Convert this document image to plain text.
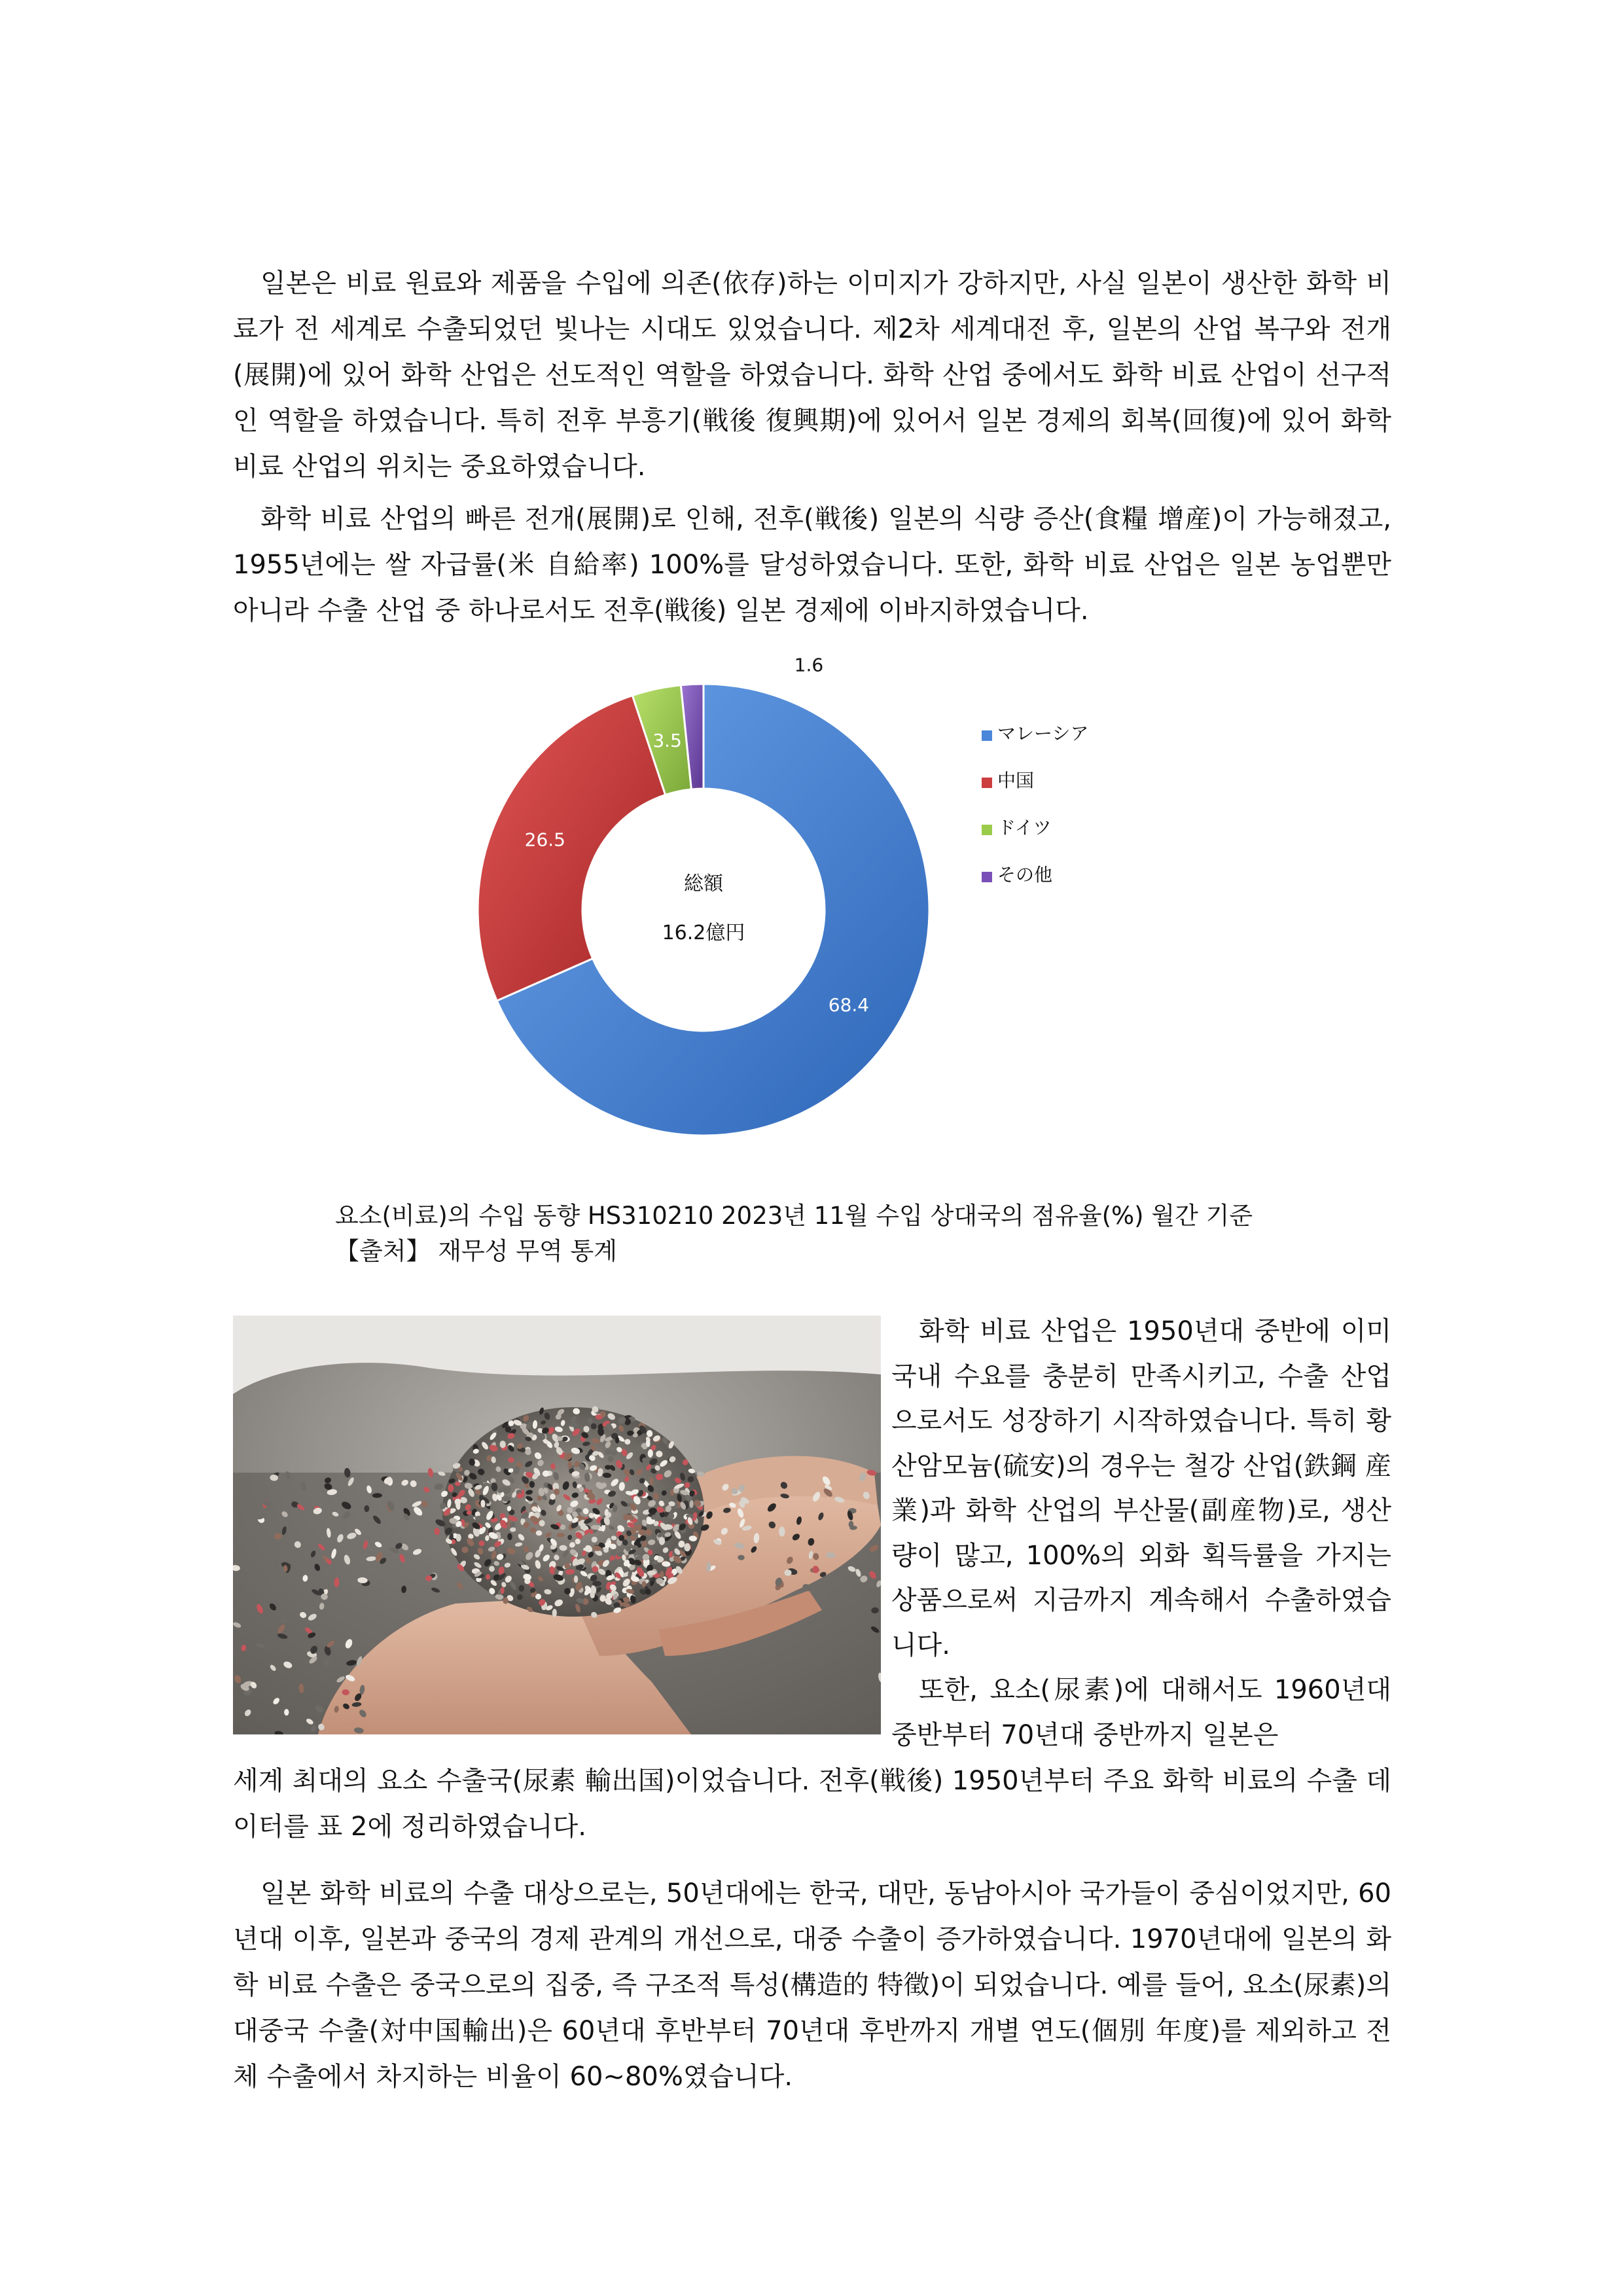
일본은 비료 원료와 제품을 수입에 의존(依存)하는 이미지가 강하지만, 사실 일본이 생산한 화학 비료가 전 세계로 수출되었던 빛나는 시대도 있었습니다. 제2차 세계대전 후, 일본의 산업 복구와 전개(展開)에 있어 화학 산업은 선도적인 역할을 하였습니다. 화학 산업 중에서도 화학 비료 산업이 선구적인 역할을 하였습니다. 특히 전후 부흥기(戦後 復興期)에 있어서 일본 경제의 회복(回復)에 있어 화학 비료 산업의 위치는 중요하였습니다.

화학 비료 산업의 빠른 전개(展開)로 인해, 전후(戦後) 일본의 식량 증산(食糧 增産)이 가능해졌고, 1955년에는 쌀 자급률(米 自給率) 100%를 달성하였습니다. 또한, 화학 비료 산업은 일본 농업뿐만 아니라 수출 산업 중 하나로서도 전후(戦後) 일본 경제에 이바지하였습니다.

68.4
26.5
3.5
1.6
総額
16.2億円
マレーシア
中国
ドイツ
その他

요소(비료)의 수입 동향 HS310210 2023년 11월 수입 상대국의 점유율(%) 월간 기준

【출처】 재무성 무역 통계

화학 비료 산업은 1950년대 중반에 이미 국내 수요를 충분히 만족시키고, 수출 산업으로서도 성장하기 시작하였습니다. 특히 황산암모늄(硫安)의 경우는 철강 산업(鉄鋼 産業)과 화학 산업의 부산물(副産物)로, 생산량이 많고, 100%의 외화 획득률을 가지는 상품으로써 지금까지 계속해서 수출하였습니다.

또한, 요소(尿素)에 대해서도 1960년대 중반부터 70년대 중반까지 일본은

세계 최대의 요소 수출국(尿素 輸出国)이었습니다. 전후(戦後) 1950년부터 주요 화학 비료의 수출 데이터를 표 2에 정리하였습니다.

일본 화학 비료의 수출 대상으로는, 50년대에는 한국, 대만, 동남아시아 국가들이 중심이었지만, 60년대 이후, 일본과 중국의 경제 관계의 개선으로, 대중 수출이 증가하였습니다. 1970년대에 일본의 화학 비료 수출은 중국으로의 집중, 즉 구조적 특성(構造的 特徵)이 되었습니다. 예를 들어, 요소(尿素)의 대중국 수출(対中国輸出)은 60년대 후반부터 70년대 후반까지 개별 연도(個別 年度)를 제외하고 전체 수출에서 차지하는 비율이 60~80%였습니다.
